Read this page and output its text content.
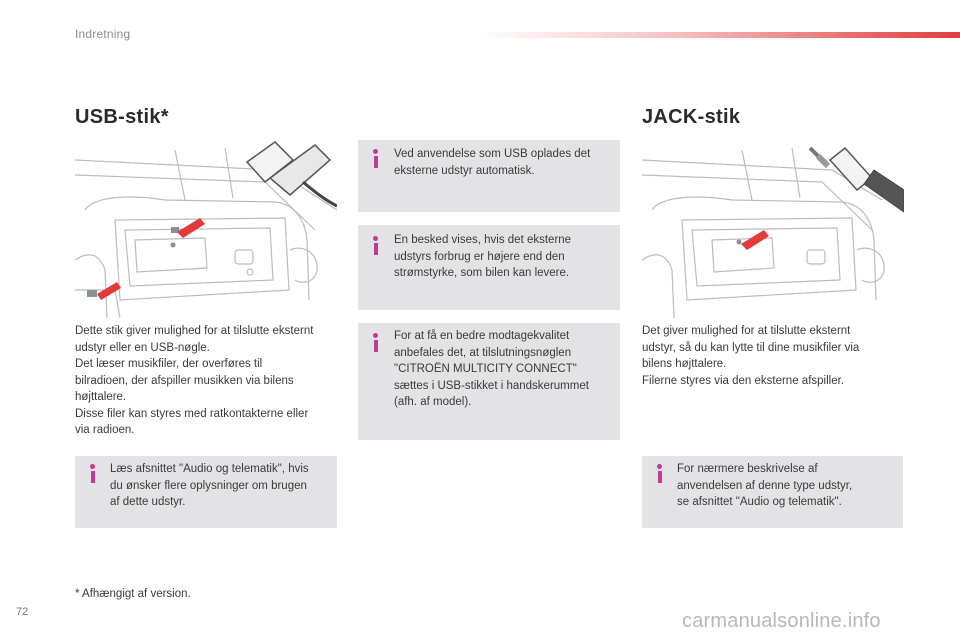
Indretning
USB-stik*

Dette stik giver mulighed for at tilslutte eksternt

udstyr eller en USB-nøgle.

Det læser musikfiler, der overføres til

bilradioen, der afspiller musikken via bilens

højttalere.

Disse filer kan styres med ratkontakterne eller

via radioen.

Læs afsnittet "Audio og telematik", hvis
du ønsker flere oplysninger om brugen
af dette udstyr.
Ved anvendelse som USB oplades det
eksterne udstyr automatisk.
En besked vises, hvis det eksterne
udstyrs forbrug er højere end den
strømstyrke, som bilen kan levere.
For at få en bedre modtagekvalitet
anbefales det, at tilslutningsnøglen
"CITROËN MULTICITY CONNECT"
sættes i USB-stikket i handskerummet
(afh. af model).
JACK-stik

Det giver mulighed for at tilslutte eksternt

udstyr, så du kan lytte til dine musikfiler via

bilens højttalere.

Filerne styres via den eksterne afspiller.

For nærmere beskrivelse af
anvendelsen af denne type udstyr,
se afsnittet "Audio og telematik".
* Afhængigt af version.
72	carmanualsonline.info
